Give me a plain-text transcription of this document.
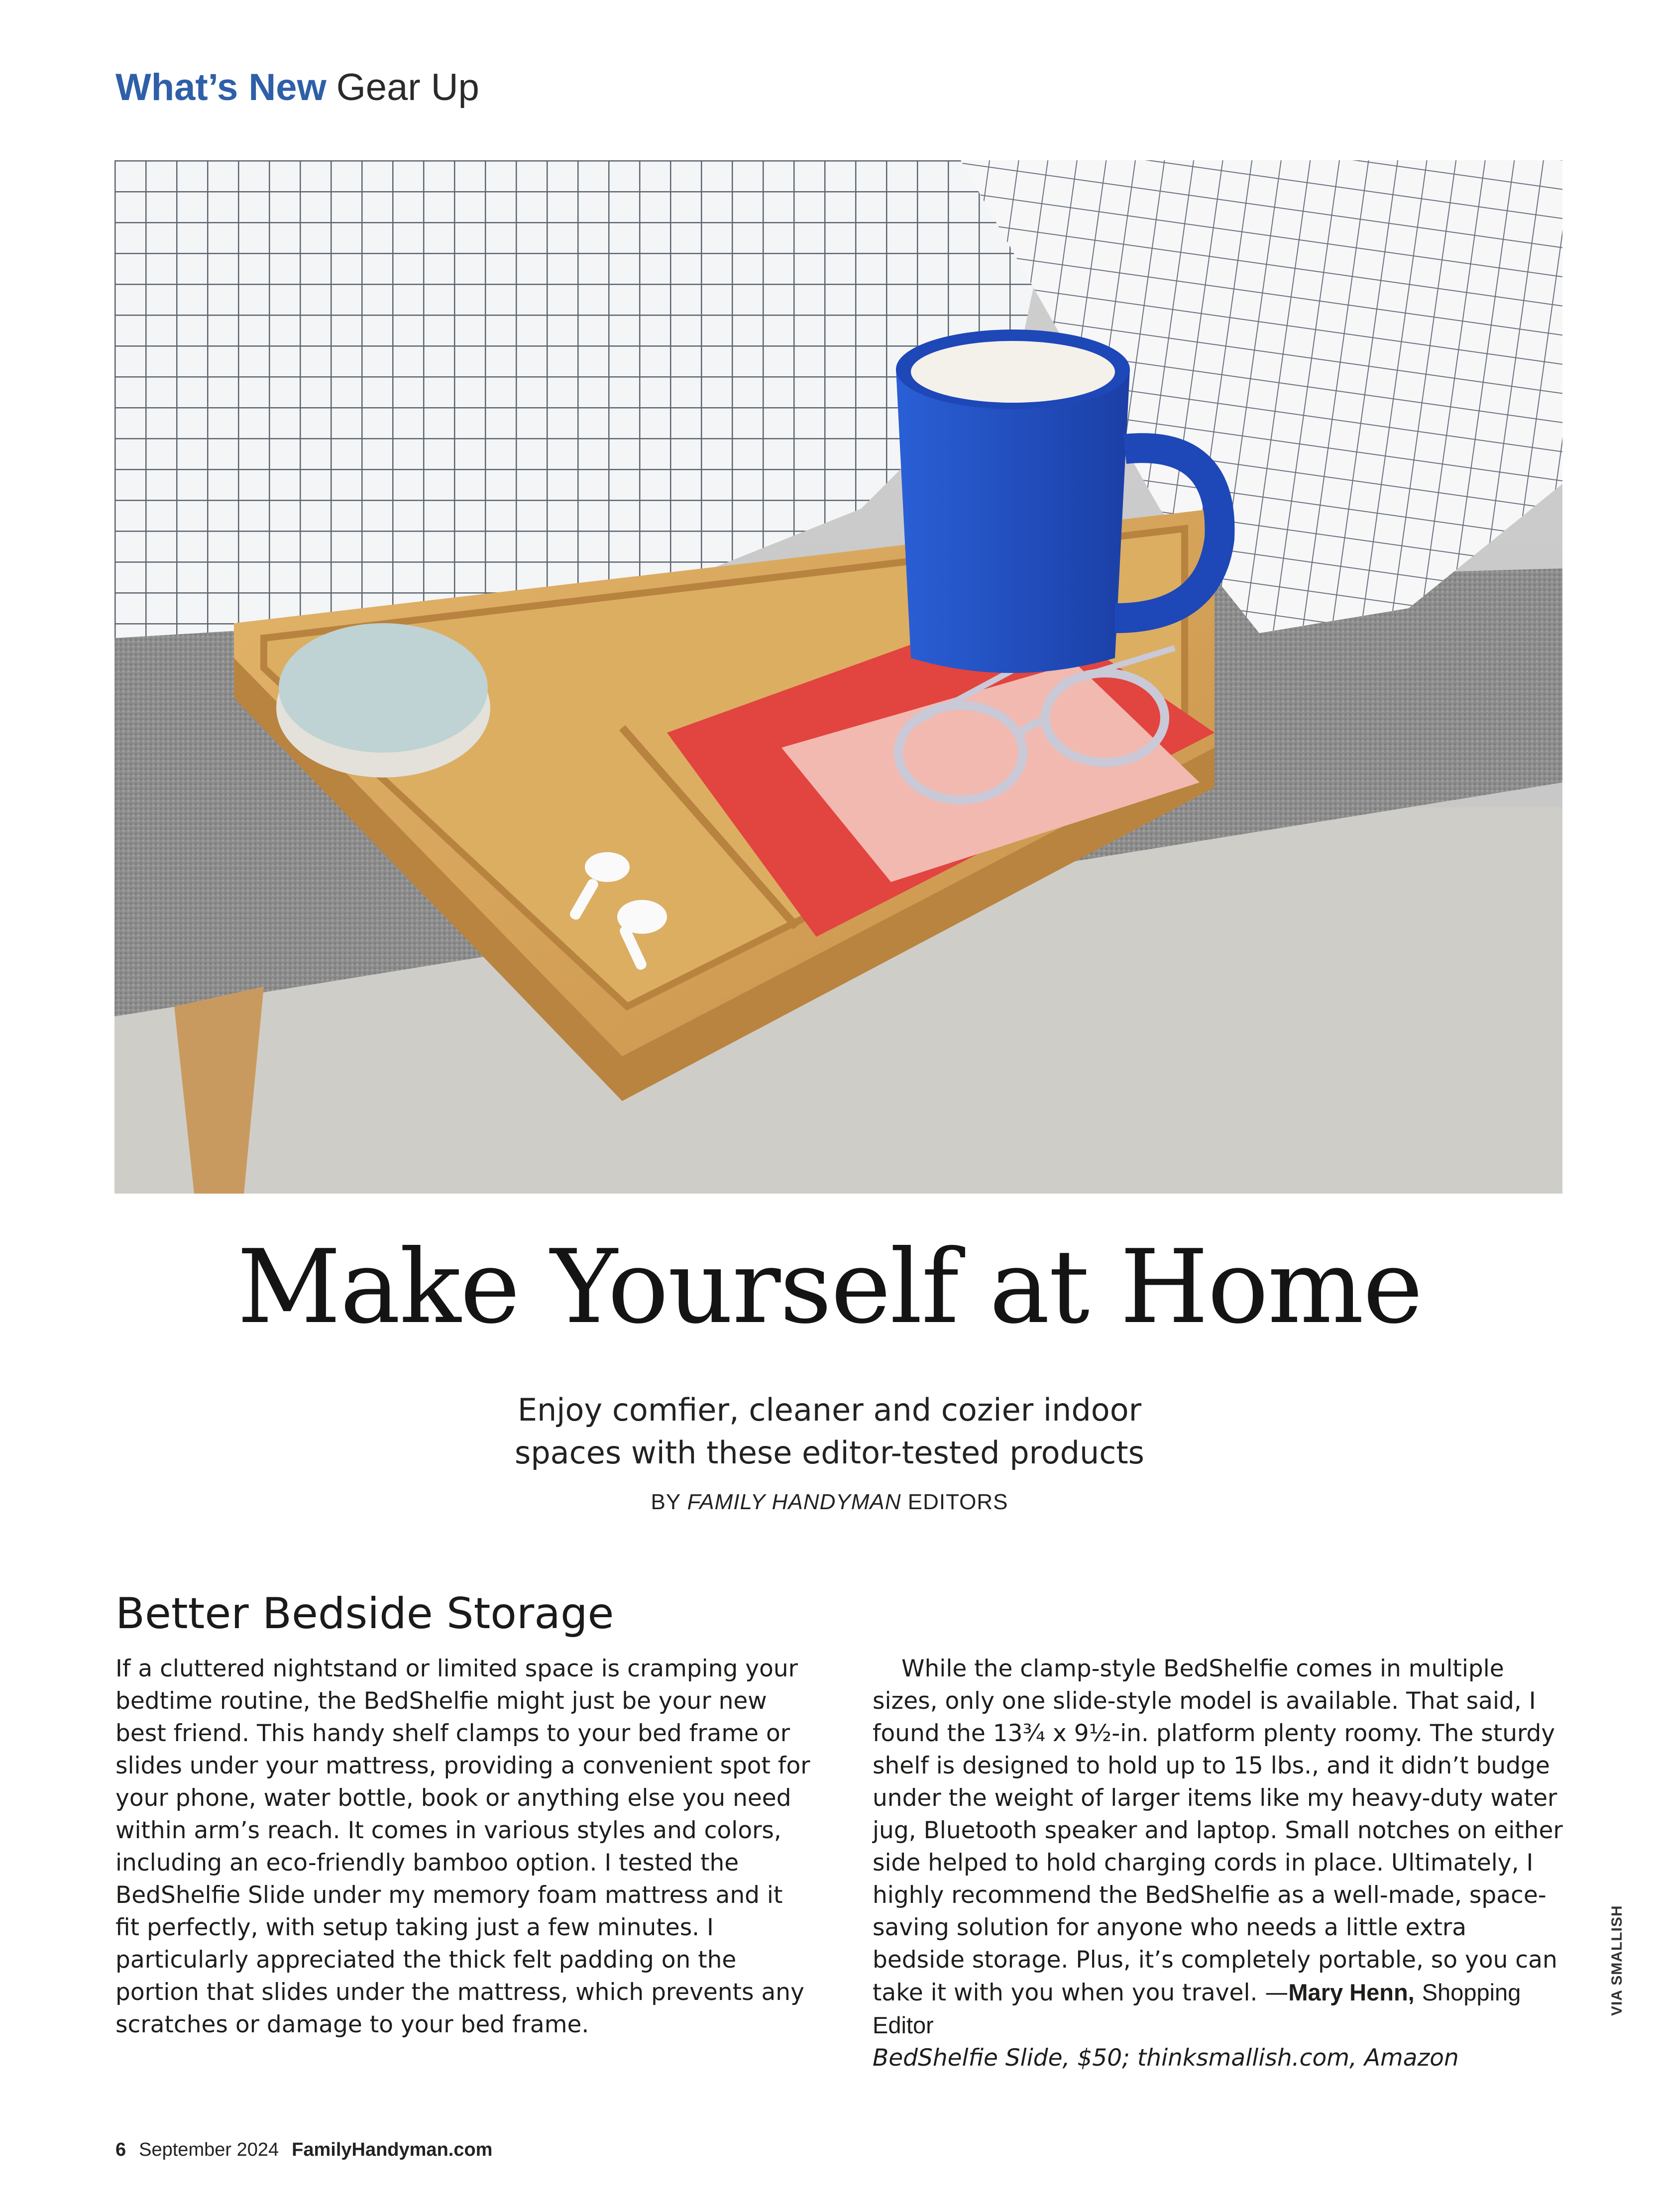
What’s New Gear Up
Make Yourself at Home
Enjoy comfier, cleaner and cozier indoor
spaces with these editor-tested products
BY FAMILY HANDYMAN EDITORS
Better Bedside Storage

If a cluttered nightstand or limited space is cramping your bedtime routine, the BedShelfie might just be your new best friend. This handy shelf clamps to your bed frame or slides under your mattress, providing a convenient spot for your phone, water bottle, book or anything else you need within arm’s reach. It comes in various styles and colors, including an eco-friendly bamboo option. I tested the BedShelfie Slide under my memory foam mattress and it fit perfectly, with setup taking just a few minutes. I particularly appreciated the thick felt padding on the portion that slides under the mattress, which prevents any scratches or damage to your bed frame.

While the clamp-style BedShelfie comes in multiple sizes, only one slide-style model is available. That said, I found the 13¾ x 9½-in. platform plenty roomy. The sturdy shelf is designed to hold up to 15 lbs., and it didn’t budge under the weight of larger items like my heavy-duty water jug, Bluetooth speaker and laptop. Small notches on either side helped to hold charging cords in place. Ultimately, I highly recommend the BedShelfie as a well-made, space-saving solution for anyone who needs a little extra bedside storage. Plus, it’s completely portable, so you can take it with you when you travel. —Mary Henn, Shopping Editor

BedShelfie Slide, $50; thinksmallish.com, Amazon

VIA SMALLISH
6 September 2024 FamilyHandyman.com
